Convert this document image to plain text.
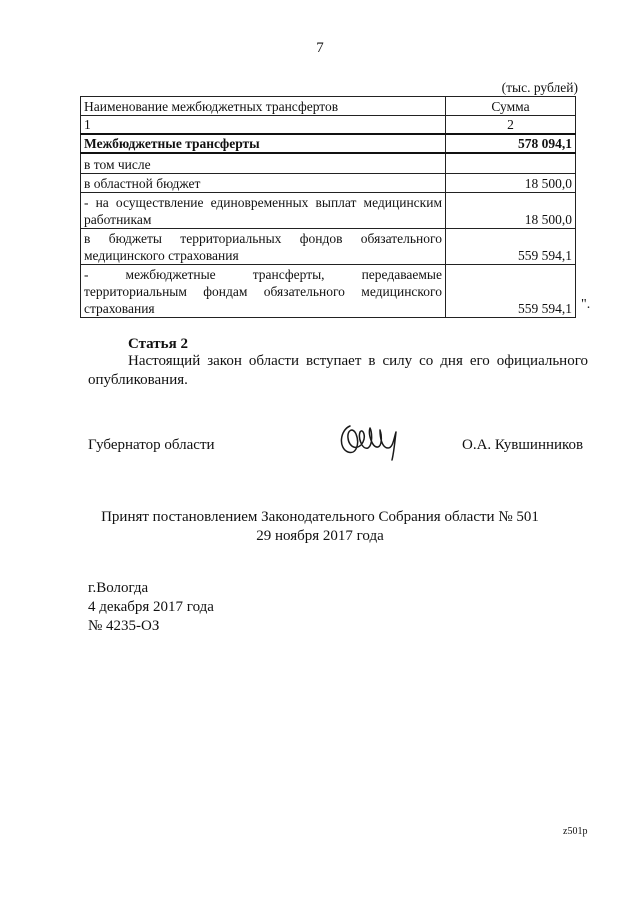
7
(тыс. рублей)
Наименование межбюджетных трансфертов	Сумма
1	2
Межбюджетные трансферты	578 094,1
в том числе	
в областной бюджет	18 500,0
- на осуществление единовременных выплат медицинским работникам	18 500,0
в бюджеты территориальных фондов обязательного медицинского страхования	559 594,1
- межбюджетные трансферты, передаваемые территориальным фондам обязательного медицинского страхования	559 594,1 ".
Статья 2
Настоящий закон области вступает в силу со дня его официального опубликования.
Губернатор области	О.А. Кувшинников
Принят постановлением Законодательного Собрания области № 501
29 ноября 2017 года
г.Вологда
4 декабря 2017 года
№ 4235-ОЗ
z501p
